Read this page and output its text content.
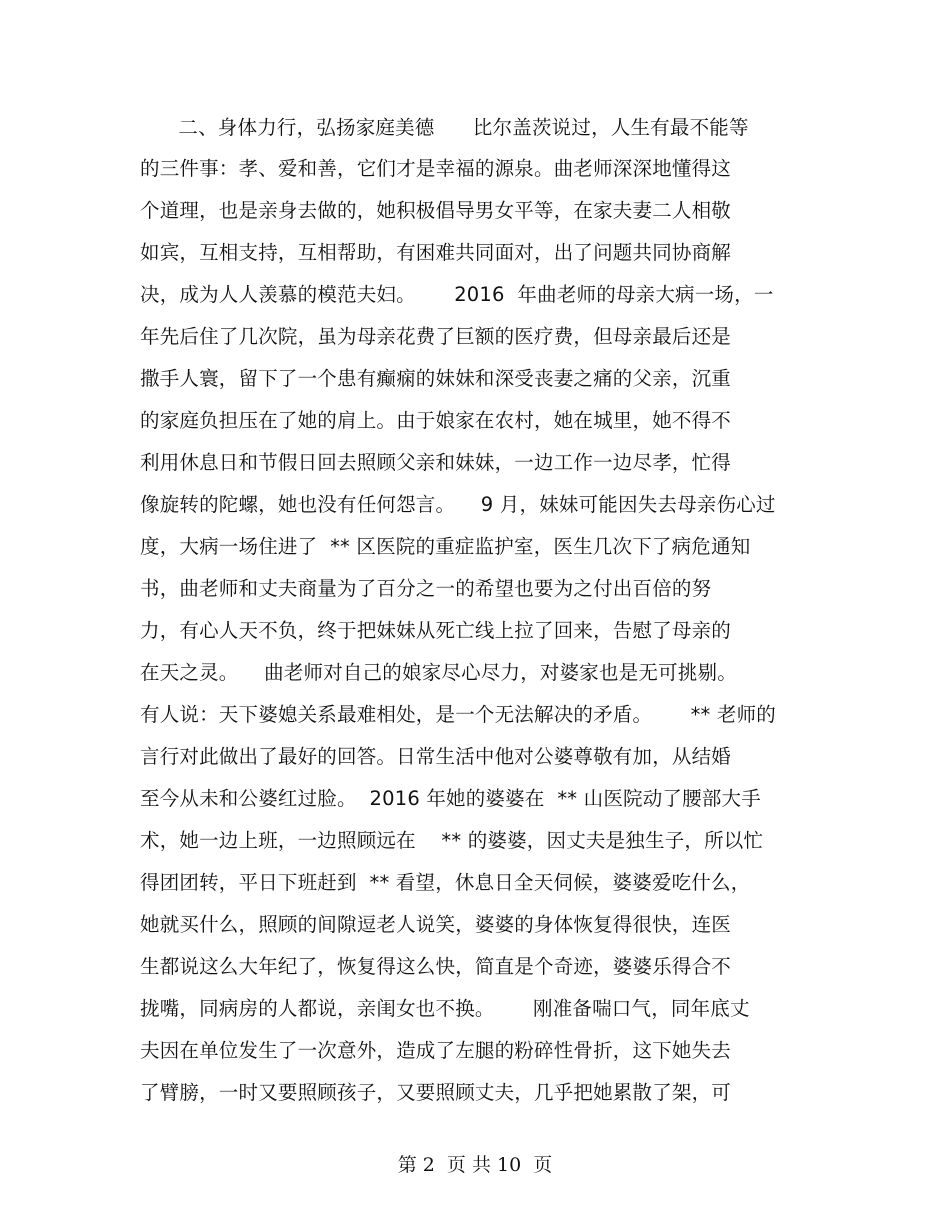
二、身体力行，弘扬家庭美德      比尔盖茨说过，人生有最不能等
的三件事：孝、爱和善，它们才是幸福的源泉。曲老师深深地懂得这
个道理，也是亲身去做的，她积极倡导男女平等，在家夫妻二人相敬
如宾，互相支持，互相帮助，有困难共同面对，出了问题共同协商解
决，成为人人羡慕的模范夫妇。      2016  年曲老师的母亲大病一场，一
年先后住了几次院，虽为母亲花费了巨额的医疗费，但母亲最后还是
撒手人寰，留下了一个患有癫痫的妹妹和深受丧妻之痛的父亲，沉重
的家庭负担压在了她的肩上。由于娘家在农村，她在城里，她不得不
利用休息日和节假日回去照顾父亲和妹妹，一边工作一边尽孝，忙得
像旋转的陀螺，她也没有任何怨言。    9 月，妹妹可能因失去母亲伤心过
度，大病一场住进了  ** 区医院的重症监护室，医生几次下了病危通知
书，曲老师和丈夫商量为了百分之一的希望也要为之付出百倍的努
力，有心人天不负，终于把妹妹从死亡线上拉了回来，告慰了母亲的
在天之灵。    曲老师对自己的娘家尽心尽力，对婆家也是无可挑剔。
有人说：天下婆媳关系最难相处，是一个无法解决的矛盾。      ** 老师的
言行对此做出了最好的回答。日常生活中他对公婆尊敬有加，从结婚
至今从未和公婆红过脸。  2016 年她的婆婆在  ** 山医院动了腰部大手
术，她一边上班，一边照顾远在    ** 的婆婆，因丈夫是独生子，所以忙
得团团转，平日下班赶到  ** 看望，休息日全天伺候，婆婆爱吃什么，
她就买什么，照顾的间隙逗老人说笑，婆婆的身体恢复得很快，连医
生都说这么大年纪了，恢复得这么快，简直是个奇迹，婆婆乐得合不
拢嘴，同病房的人都说，亲闺女也不换。      刚准备喘口气，同年底丈
夫因在单位发生了一次意外，造成了左腿的粉碎性骨折，这下她失去
了臂膀，一时又要照顾孩子，又要照顾丈夫，几乎把她累散了架，可
第 2  页 共 10  页
